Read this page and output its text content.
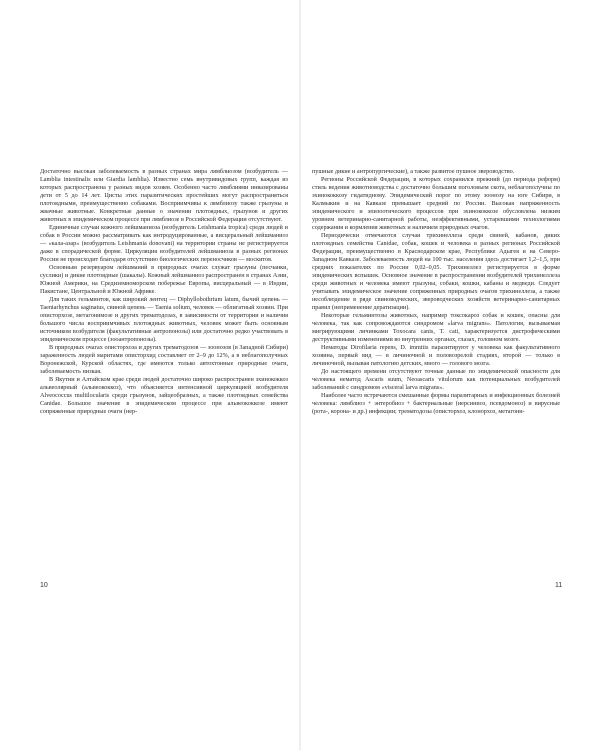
Достаточно высокая заболеваемость в разных странах мира лямблиозом (возбудитель — Lamblia intestinalis или Giardia lamblia). Известно семь внутривидовых групп, каждая из которых распространена у разных видов хозяев. Особенно часто лямблиями инвазированы дети от 5 до 14 лет. Цисты этих паразитических простейших могут распространяться плотоядными, преимущественно собаками. Восприимчивы к лямблиозу также грызуны и жвачные животные. Конкретные данные о значении плотоядных, грызунов и других животных в эпидемическом процессе при лямблиозе в Российской Федерации отсутствуют.

Единичные случаи кожного лейшманиоза (возбудитель Leishmania tropica) среди людей и собак в России можно рассматривать как интродуцированные, а висцеральный лейшманиоз — «кала-азар» (возбудитель Leishmania donovani) на территории страны не регистрируется даже в спорадической форме. Циркуляция возбудителей лейшманиоза в разных регионах России не происходит благодаря отсутствию биологических переносчиков — москитов.

Основным резервуаром лейшманий в природных очагах служат грызуны (песчанки, суслики) и дикие плотоядные (шакалы). Кожный лейшманиоз распространен в странах Азии, Южной Америки, на Средиземноморском побережье Европы, висцеральный — в Индии, Пакистане, Центральной и Южной Африке.

Для таких гельминтов, как широкий лентец — Diphyllobothrium latum, бычий цепень — Taeniarhynchus saginatus, свиной цепень — Taenia solium, человек — облигатный хозяин. При описторхозе, метагонимозе и других трематодозах, в зависимости от территории и наличия большого числа восприимчивых плотоядных животных, человек может быть основным источником возбудителя (факультативные антропонозы) или достаточно редко участвовать в эпидемическом процессе (зооантропонозы).

В природных очагах описторхоза и других трематодозов — зоонозов (в Западной Сибири) зараженность людей маритами описторхид составляет от 2–9 до 12%, а в неблагополучных Воронежской, Курской областях, где имеются только автохтонные природные очаги, заболеваемость низкая.

В Якутии и Алтайском крае среди людей достаточно широко распространен эхинококкоз альвеолярный (альвеококкоз), что объясняется интенсивной циркуляцией возбудителя Alveococcus multilocularis среди грызунов, зайцеобразных, а также плотоядных семейства Canidae. Большое значение в эпидемическом процессе при альвеококкозе имеют сопряженные природные очаги (нер-

10

пушные дикие и антропургические), а также развитое пушное звероводство.

Регионы Российской Федерации, в которых сохранился прежний (до периода реформ) стиль ведения животноводства с достаточно большим поголовьем скота, неблагополучны по эхинококкозу гидатидному. Эпидемический порог по этому зоонозу на юге Сибири, в Калмыкии и на Кавказе превышает средний по России. Высокая напряженность эпидемического и эпизоотического процессов при эхинококкозе обусловлена низким уровнем ветеринарно-санитарной работы, неэффективными, устаревшими технологиями содержания и кормления животных и наличием природных очагов.

Периодически отмечаются случаи трихинеллеза среди свиней, кабанов, диких плотоядных семейства Canidae, собак, кошек и человека в разных регионах Российской Федерации, преимущественно в Краснодарском крае, Республике Адыгея и на Северо-Западном Кавказе. Заболеваемость людей на 100 тыс. населения здесь достигает 1,2–1,5, при средних показателях по России 0,02–0,05. Трихинеллез регистрируется в форме эпидемических вспышек. Основное значение в распространении возбудителей трихинеллеза среди животных и человека имеют грызуны, собаки, кошки, кабаны и медведи. Следует учитывать эпидемическое значение сопряженных природных очагов трихинеллеза, а также несоблюдение в ряде свиноводческих, звероводческих хозяйств ветеринарно-санитарных правил (неприменение дератизации).

Некоторые гельминтозы животных, например токсокароз собак и кошек, опасны для человека, так как сопровождаются синдромом «larva migrans». Патология, вызываемая мигрирующими личинками Toxocara canis, T. cati, характеризуется дистрофическими деструктивными изменениями во внутренних органах, глазах, головном мозге.

Нематоды Dirofilaria repens, D. immitis паразитируют у человека как факультативного хозяина, первый вид — в личиночной и половозрелой стадиях, второй — только в личиночной, вызывая патологию детских, много — голового мозга.

До настоящего времени отсутствуют точные данные по эпидемической опасности для человека нематод Ascaris suum, Neoascaris vitulorum как потенциальных возбудителей заболеваний с синдромом «visceral larva migrans».

Наиболее часто встречаются смешанные формы паразитарных и инфекционных болезней человека: лямблиоз + энтеробиоз + бактериальные (иерсиниоз, псевдомоноз) и вирусные (рота-, корона- и др.) инфекции; трематодозы (описторхоз, клонорхоз, метагони-

11
